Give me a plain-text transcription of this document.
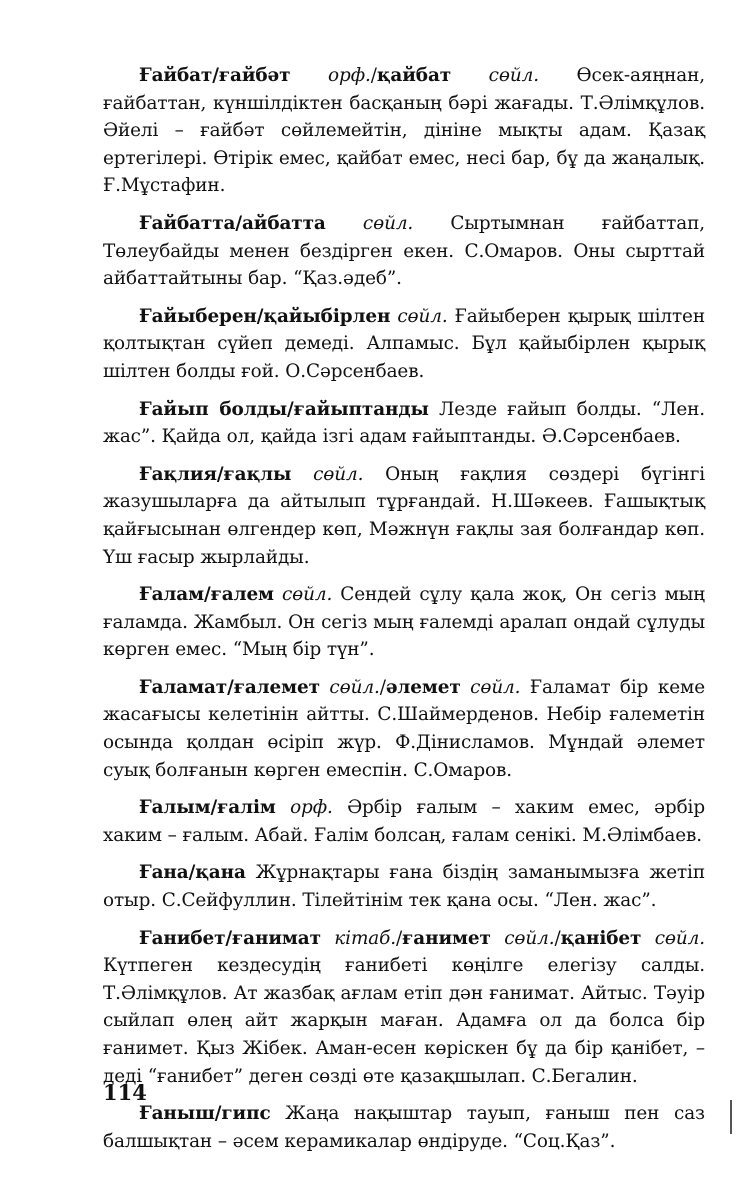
Ғайбат/ғайбәт орф./қайбат сөйл. Өсек-аяңнан, ғайбаттан, күншілдіктен басқаның бәрі жағады. Т.Әлімқұлов. Әйелі – ғайбәт сөйлемейтін, дініне мықты адам. Қазақ ертегілері. Өтірік емес, қайбат емес, несі бар, бұ да жаңалық. Ғ.Мұстафин.

Ғайбатта/айбатта сөйл. Сыртымнан ғайбаттап, Төлеубайды менен бездірген екен. С.Омаров. Оны сырттай айбаттайтыны бар. “Қаз.әдеб”.

Ғайыберен/қайыбірлен сөйл. Ғайыберен қырық шілтен қолтықтан сүйеп демеді. Алпамыс. Бұл қайыбірлен қырық шілтен болды ғой. О.Сәрсенбаев.

Ғайып болды/ғайыптанды Лезде ғайып болды. “Лен. жас”. Қайда ол, қайда ізгі адам ғайыптанды. Ә.Сәрсенбаев.

Ғақлия/ғақлы сөйл. Оның ғақлия сөздері бүгінгі жазушыларға да айтылып тұрғандай. Н.Шәкеев. Ғашықтық қайғысынан өлгендер көп, Мәжнүн ғақлы зая болғандар көп. Үш ғасыр жырлайды.

Ғалам/ғалем сөйл. Сендей сұлу қала жоқ, Он сегіз мың ғаламда. Жамбыл. Он сегіз мың ғалемді аралап ондай сұлуды көрген емес. “Мың бір түн”.

Ғаламат/ғалемет сөйл./әлемет сөйл. Ғаламат бір кеме жасағысы келетінін айтты. С.Шаймерденов. Небір ғалеметін осында қолдан өсіріп жүр. Ф.Дінисламов. Мұндай әлемет суық болғанын көрген емеспін. С.Омаров.

Ғалым/ғалім орф. Әрбір ғалым – хаким емес, әрбір хаким – ғалым. Абай. Ғалім болсаң, ғалам сенікі. М.Әлімбаев.

Ғана/қана Жұрнақтары ғана біздің заманымызға жетіп отыр. С.Сейфуллин. Тілейтінім тек қана осы. “Лен. жас”.

Ғанибет/ғанимат кітаб./ғанимет сөйл./қанібет сөйл. Күтпеген кездесудің ғанибеті көңілге елегізу салды. Т.Әлімқұлов. Ат жазбақ ағлам етіп дән ғанимат. Айтыс. Тәуір сыйлап өлең айт жарқын маған. Адамға ол да болса бір ғанимет. Қыз Жібек. Аман-есен көріскен бұ да бір қанібет, – деді “ғанибет” деген сөзді өте қазақшылап. С.Бегалин.

Ғаныш/гипс Жаңа нақыштар тауып, ғаныш пен саз балшықтан – әсем керамикалар өндіруде. “Соц.Қаз”.

114
